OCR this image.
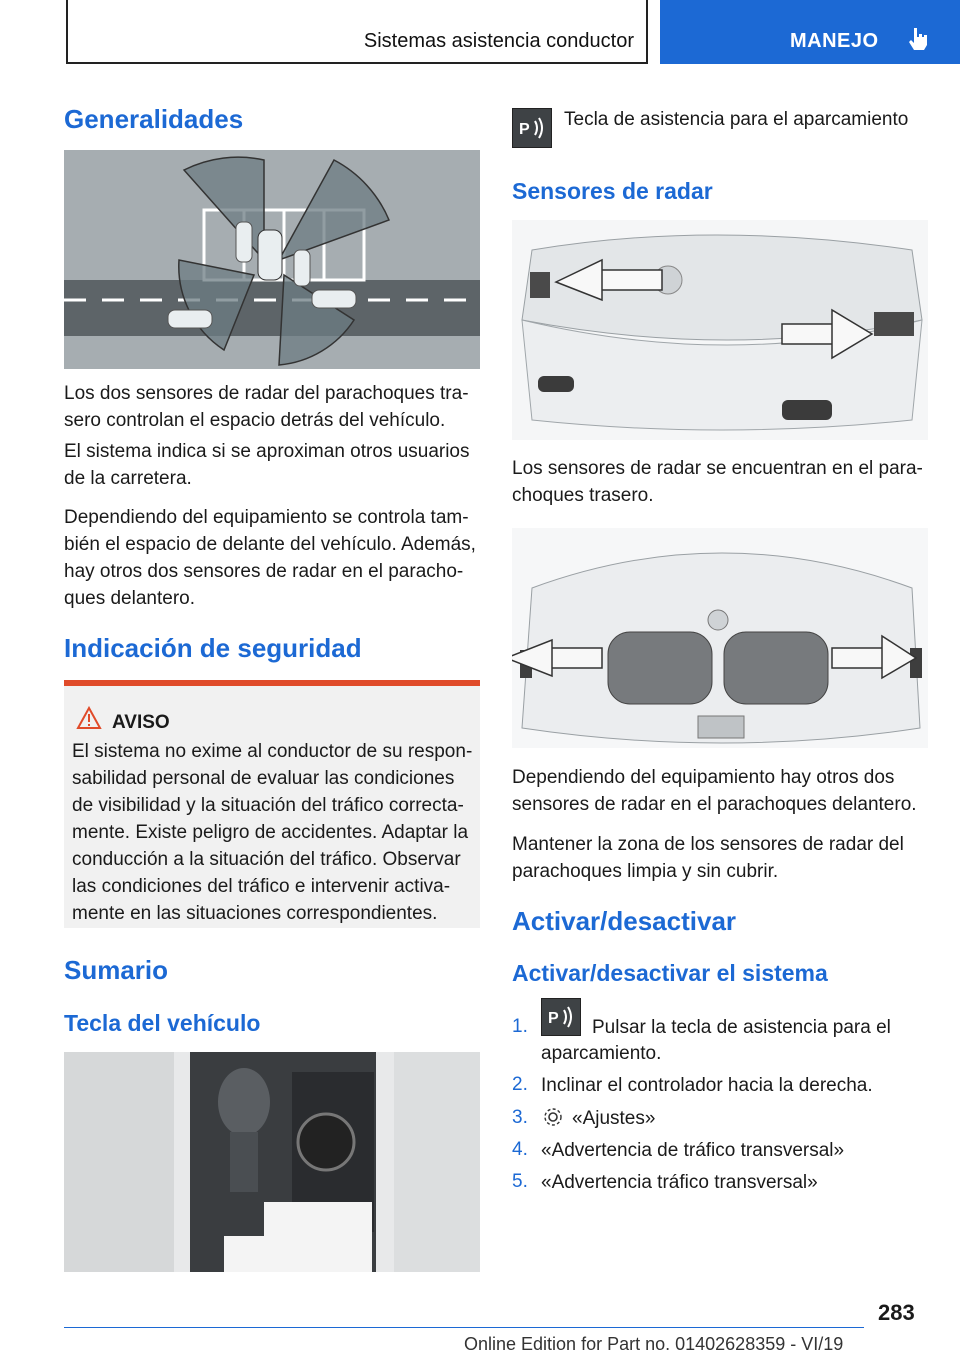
Sistemas asistencia conductor	MANEJO
Generalidades

Los dos sensores de radar del parachoques trasero controlan el espacio detrás del vehículo.

El sistema indica si se aproximan otros usuarios de la carretera.

Dependiendo del equipamiento se controla también el espacio de delante del vehículo. Además, hay otros dos sensores de radar en el parachoques delantero.

Indicación de seguridad
AVISO
El sistema no exime al conductor de su responsabilidad personal de evaluar las condiciones de visibilidad y la situación del tráfico correctamente. Existe peligro de accidentes. Adaptar la conducción a la situación del tráfico. Observar las condiciones del tráfico e intervenir activamente en las situaciones correspondientes.
Sumario
Tecla del vehículo
P Tecla de asistencia para el aparcamiento

Sensores de radar

Los sensores de radar se encuentran en el parachoques trasero.

Dependiendo del equipamiento hay otros dos sensores de radar en el parachoques delantero.

Mantener la zona de los sensores de radar del parachoques limpia y sin cubrir.

Activar/desactivar
Activar/desactivar el sistema
1. P Pulsar la tecla de asistencia para el
aparcamiento.
2. Inclinar el controlador hacia la derecha.
3. «Ajustes»
4. «Advertencia de tráfico transversal»
5. «Advertencia tráfico transversal»
283
Online Edition for Part no. 01402628359 - VI/19
